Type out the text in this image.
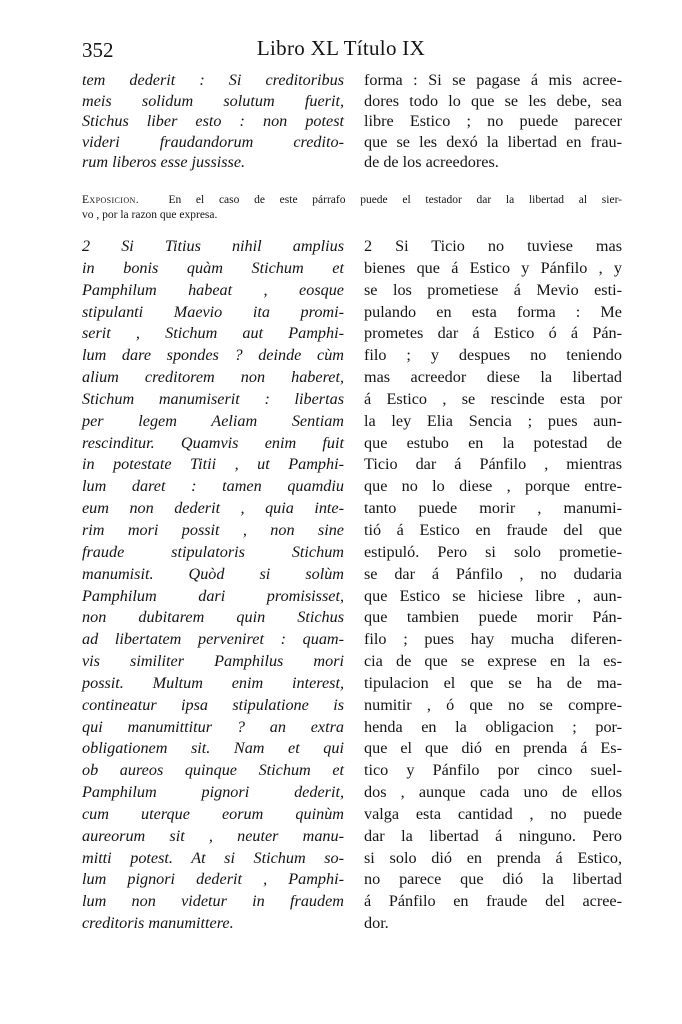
352	Libro XL Título IX
tem dederit : Si creditoribus
meis solidum solutum fuerit,
Stichus liber esto : non potest
videri fraudandorum credito-
rum liberos esse jussisse.
forma : Si se pagase á mis acree-
dores todo lo que se les debe, sea
libre Estico ; no puede parecer
que se les dexó la libertad en frau-
de de los acreedores.
Exposicion.	En el caso de este párrafo puede el testador dar la libertad al sier-
vo , por la razon que expresa.
2 Si Titius nihil amplius
in bonis quàm Stichum et
Pamphilum habeat , eosque
stipulanti Maevio ita promi-
serit , Stichum aut Pamphi-
lum dare spondes ? deinde cùm
alium creditorem non haberet,
Stichum manumiserit : libertas
per legem Aeliam Sentiam
rescinditur. Quamvis enim fuit
in potestate Titii , ut Pamphi-
lum daret : tamen quamdiu
eum non dederit , quia inte-
rim mori possit , non sine
fraude stipulatoris Stichum
manumisit. Quòd si solùm
Pamphilum dari promisisset,
non dubitarem quin Stichus
ad libertatem perveniret : quam-
vis similiter Pamphilus mori
possit. Multum enim interest,
contineatur ipsa stipulatione is
qui manumittitur ? an extra
obligationem sit. Nam et qui
ob aureos quinque Stichum et
Pamphilum pignori dederit,
cum uterque eorum quinùm
aureorum sit , neuter manu-
mitti potest. At si Stichum so-
lum pignori dederit , Pamphi-
lum non videtur in fraudem
creditoris manumittere.
2 Si Ticio no tuviese mas
bienes que á Estico y Pánfilo , y
se los prometiese á Mevio esti-
pulando en esta forma : Me
prometes dar á Estico ó á Pán-
filo ; y despues no teniendo
mas acreedor diese la libertad
á Estico , se rescinde esta por
la ley Elia Sencia ; pues aun-
que estubo en la potestad de
Ticio dar á Pánfilo , mientras
que no lo diese , porque entre-
tanto puede morir , manumi-
tió á Estico en fraude del que
estipuló. Pero si solo prometie-
se dar á Pánfilo , no dudaria
que Estico se hiciese libre , aun-
que tambien puede morir Pán-
filo ; pues hay mucha diferen-
cia de que se exprese en la es-
tipulacion el que se ha de ma-
numitir , ó que no se compre-
henda en la obligacion ; por-
que el que dió en prenda á Es-
tico y Pánfilo por cinco suel-
dos , aunque cada uno de ellos
valga esta cantidad , no puede
dar la libertad á ninguno. Pero
si solo dió en prenda á Estico,
no parece que dió la libertad
á Pánfilo en fraude del acree-
dor.
